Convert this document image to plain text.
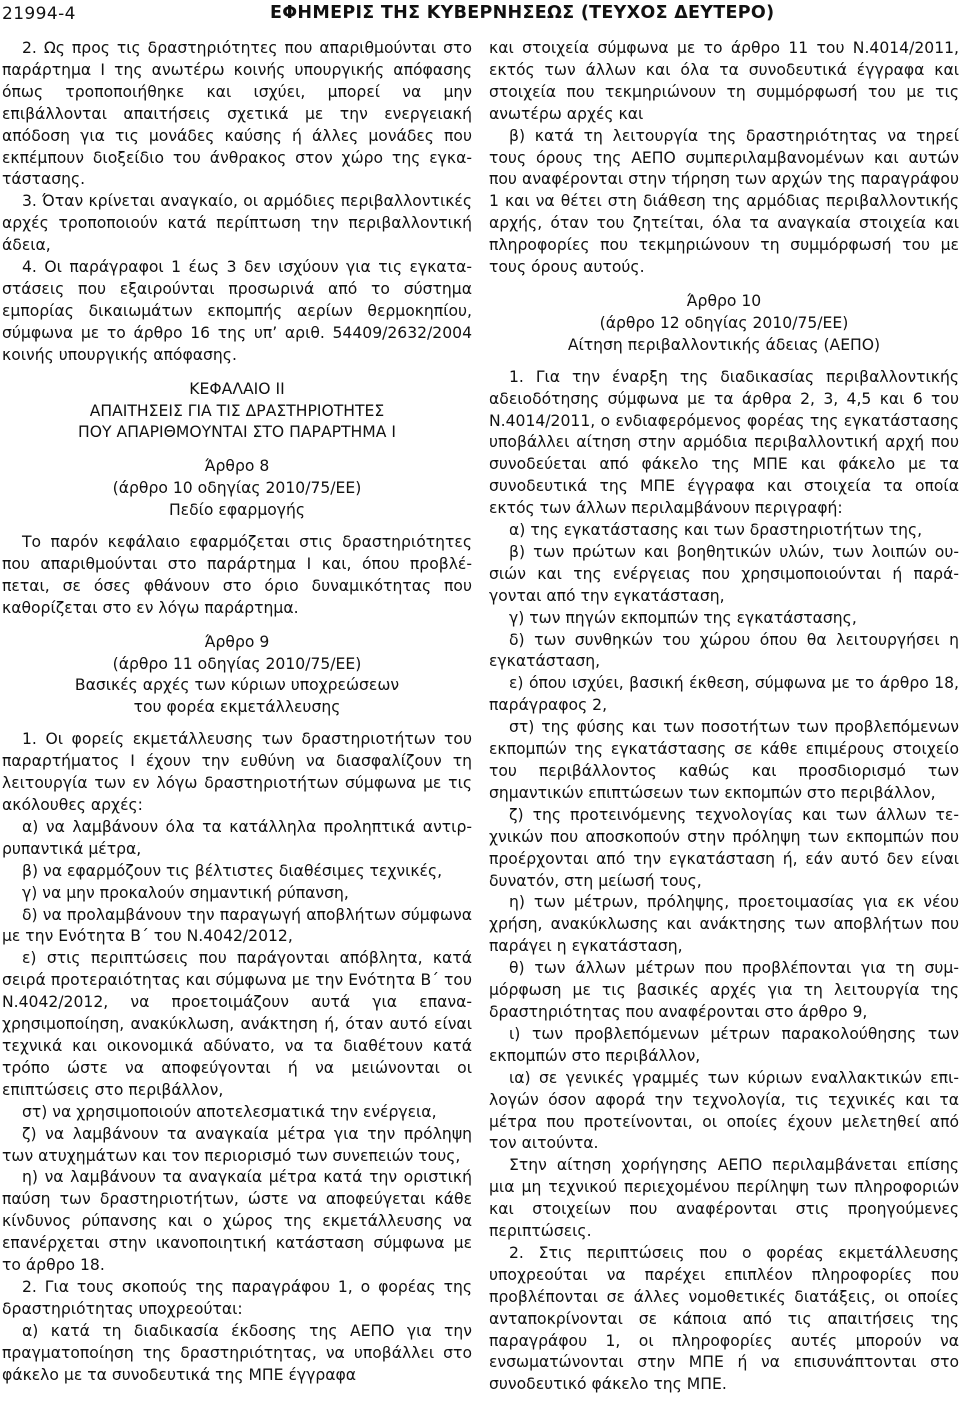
21994-4	ΕΦΗΜΕΡΙΣ ΤΗΣ ΚΥΒΕΡΝΗΣΕΩΣ (ΤΕΥΧΟΣ ΔΕΥΤΕΡΟ)

2. Ως προς τις δραστηριότητες που απαριθμούνται στο παράρτημα Ι της ανωτέρω κοινής υπουργικής απόφασης όπως τροποποιήθηκε και ισχύει, μπορεί να μην επιβάλλονται απαιτήσεις σχετικά με την ενεργειακή απόδοση για τις μονάδες καύσης ή άλλες μονάδες που εκπέμπουν διοξείδιο του άνθρακος στον χώρο της εγκατάστασης.

3. Όταν κρίνεται αναγκαίο, οι αρμόδιες περιβαλλοντικές αρχές τροποποιούν κατά περίπτωση την περιβαλλοντική άδεια,

4. Οι παράγραφοι 1 έως 3 δεν ισχύουν για τις εγκαταστάσεις που εξαιρούνται προσωρινά από το σύστημα εμπορίας δικαιωμάτων εκπομπής αερίων θερμοκηπίου, σύμφωνα με το άρθρο 16 της υπ’ αριθ. 54409/2632/2004 κοινής υπουργικής απόφασης.

ΚΕΦΑΛΑΙΟ ΙΙ

ΑΠΑΙΤΗΣΕΙΣ ΓΙΑ ΤΙΣ ΔΡΑΣΤΗΡΙΟΤΗΤΕΣ

ΠΟΥ ΑΠΑΡΙΘΜΟΥΝΤΑΙ ΣΤΟ ΠΑΡΑΡΤΗΜΑ Ι

Άρθρο 8

(άρθρο 10 οδηγίας 2010/75/ΕΕ)

Πεδίο εφαρμογής

Το παρόν κεφάλαιο εφαρμόζεται στις δραστηριότητες που απαριθμούνται στο παράρτημα Ι και, όπου προβλέπεται, σε όσες φθάνουν στο όριο δυναμικότητας που καθορίζεται στο εν λόγω παράρτημα.

Άρθρο 9

(άρθρο 11 οδηγίας 2010/75/ΕΕ)

Βασικές αρχές των κύριων υποχρεώσεων

του φορέα εκμετάλλευσης

1. Οι φορείς εκμετάλλευσης των δραστηριοτήτων του παραρτήματος Ι έχουν την ευθύνη να διασφαλίζουν τη λειτουργία των εν λόγω δραστηριοτήτων σύμφωνα με τις ακόλουθες αρχές:

α) να λαμβάνουν όλα τα κατάλληλα προληπτικά αντιρρυπαντικά μέτρα,

β) να εφαρμόζουν τις βέλτιστες διαθέσιμες τεχνικές,

γ) να μην προκαλούν σημαντική ρύπανση,

δ) να προλαμβάνουν την παραγωγή αποβλήτων σύμφωνα με την Ενότητα Β΄ του Ν.4042/2012,

ε) στις περιπτώσεις που παράγονται απόβλητα, κατά σειρά προτεραιότητας και σύμφωνα με την Ενότητα Β΄ του Ν.4042/2012, να προετοιμάζουν αυτά για επαναχρησιμοποίηση, ανακύκλωση, ανάκτηση ή, όταν αυτό είναι τεχνικά και οικονομικά αδύνατο, να τα διαθέτουν κατά τρόπο ώστε να αποφεύγονται ή να μειώνονται οι επιπτώσεις στο περιβάλλον,

στ) να χρησιμοποιούν αποτελεσματικά την ενέργεια,

ζ) να λαμβάνουν τα αναγκαία μέτρα για την πρόληψη των ατυχημάτων και τον περιορισμό των συνεπειών τους,

η) να λαμβάνουν τα αναγκαία μέτρα κατά την οριστική παύση των δραστηριοτήτων, ώστε να αποφεύγεται κάθε κίνδυνος ρύπανσης και ο χώρος της εκμετάλλευσης να επανέρχεται στην ικανοποιητική κατάσταση σύμφωνα με το άρθρο 18.

2. Για τους σκοπούς της παραγράφου 1, ο φορέας της δραστηριότητας υποχρεούται:

α) κατά τη διαδικασία έκδοσης της ΑΕΠΟ για την πραγματοποίηση της δραστηριότητας, να υποβάλλει στο φάκελο με τα συνοδευτικά της ΜΠΕ έγγραφα

και στοιχεία σύμφωνα με το άρθρο 11 του Ν.4014/2011, εκτός των άλλων και όλα τα συνοδευτικά έγγραφα και στοιχεία που τεκμηριώνουν τη συμμόρφωσή του με τις ανωτέρω αρχές και

β) κατά τη λειτουργία της δραστηριότητας να τηρεί τους όρους της ΑΕΠΟ συμπεριλαμβανομένων και αυτών που αναφέρονται στην τήρηση των αρχών της παραγράφου 1 και να θέτει στη διάθεση της αρμόδιας περιβαλλοντικής αρχής, όταν του ζητείται, όλα τα αναγκαία στοιχεία και πληροφορίες που τεκμηριώνουν τη συμμόρφωσή του με τους όρους αυτούς.

Άρθρο 10

(άρθρο 12 οδηγίας 2010/75/ΕΕ)

Αίτηση περιβαλλοντικής άδειας (ΑΕΠΟ)

1. Για την έναρξη της διαδικασίας περιβαλλοντικής αδειοδότησης σύμφωνα με τα άρθρα 2, 3, 4,5 και 6 του Ν.4014/2011, ο ενδιαφερόμενος φορέας της εγκατάστασης υποβάλλει αίτηση στην αρμόδια περιβαλλοντική αρχή που συνοδεύεται από φάκελο της ΜΠΕ και φάκελο με τα συνοδευτικά της ΜΠΕ έγγραφα και στοιχεία τα οποία εκτός των άλλων περιλαμβάνουν περιγραφή:

α) της εγκατάστασης και των δραστηριοτήτων της,

β) των πρώτων και βοηθητικών υλών, των λοιπών ουσιών και της ενέργειας που χρησιμοποιούνται ή παράγονται από την εγκατάσταση,

γ) των πηγών εκπομπών της εγκατάστασης,

δ) των συνθηκών του χώρου όπου θα λειτουργήσει η εγκατάσταση,

ε) όπου ισχύει, βασική έκθεση, σύμφωνα με το άρθρο 18, παράγραφος 2,

στ) της φύσης και των ποσοτήτων των προβλεπόμενων εκπομπών της εγκατάστασης σε κάθε επιμέρους στοιχείο του περιβάλλοντος καθώς και προσδιορισμό των σημαντικών επιπτώσεων των εκπομπών στο περιβάλλον,

ζ) της προτεινόμενης τεχνολογίας και των άλλων τεχνικών που αποσκοπούν στην πρόληψη των εκπομπών που προέρχονται από την εγκατάσταση ή, εάν αυτό δεν είναι δυνατόν, στη μείωσή τους,

η) των μέτρων, πρόληψης, προετοιμασίας για εκ νέου χρήση, ανακύκλωσης και ανάκτησης των αποβλήτων που παράγει η εγκατάσταση,

θ) των άλλων μέτρων που προβλέπονται για τη συμμόρφωση με τις βασικές αρχές για τη λειτουργία της δραστηριότητας που αναφέρονται στο άρθρο 9,

ι) των προβλεπόμενων μέτρων παρακολούθησης των εκπομπών στο περιβάλλον,

ια) σε γενικές γραμμές των κύριων εναλλακτικών επιλογών όσον αφορά την τεχνολογία, τις τεχνικές και τα μέτρα που προτείνονται, οι οποίες έχουν μελετηθεί από τον αιτούντα.

Στην αίτηση χορήγησης ΑΕΠΟ περιλαμβάνεται επίσης μια μη τεχνικού περιεχομένου περίληψη των πληροφοριών και στοιχείων που αναφέρονται στις προηγούμενες περιπτώσεις.

2. Στις περιπτώσεις που ο φορέας εκμετάλλευσης υποχρεούται να παρέχει επιπλέον πληροφορίες που προβλέπονται σε άλλες νομοθετικές διατάξεις, οι οποίες ανταποκρίνονται σε κάποια από τις απαιτήσεις της παραγράφου 1, οι πληροφορίες αυτές μπορούν να ενσωματώνονται στην ΜΠΕ ή να επισυνάπτονται στο συνοδευτικό φάκελο της ΜΠΕ.
